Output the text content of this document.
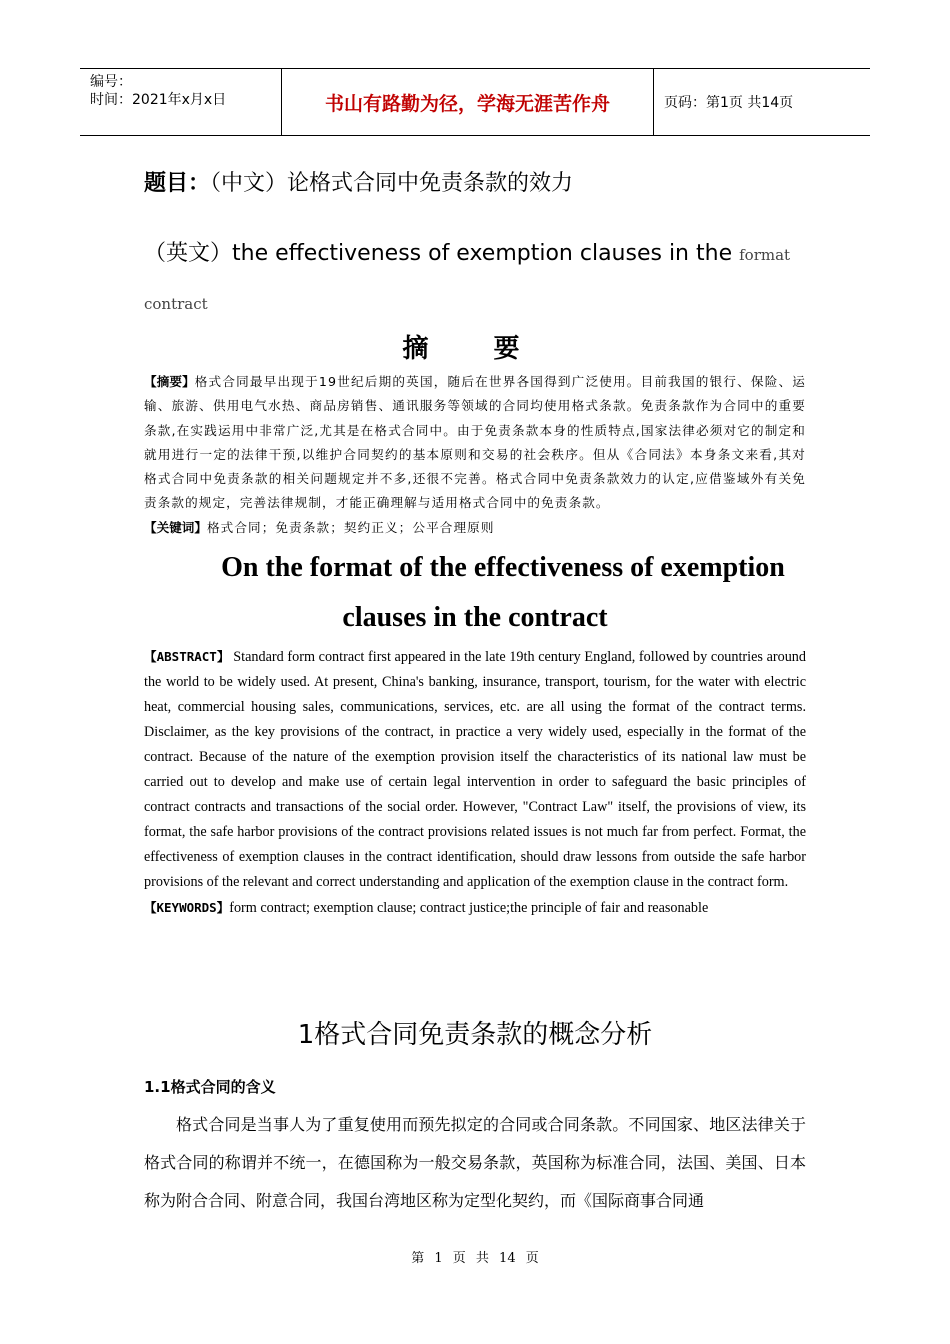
编号：
时间：2021年x月x日	书山有路勤为径，学海无涯苦作舟	页码：第1页 共14页
题目：（中文）论格式合同中免责条款的效力
（英文）the effectiveness of exemption clauses in the format contract
摘 要
【摘要】格式合同最早出现于19世纪后期的英国，随后在世界各国得到广泛使用。目前我国的银行、保险、运输、旅游、供用电气水热、商品房销售、通讯服务等领域的合同均使用格式条款。免责条款作为合同中的重要条款,在实践运用中非常广泛,尤其是在格式合同中。由于免责条款本身的性质特点,国家法律必须对它的制定和就用进行一定的法律干预,以维护合同契约的基本原则和交易的社会秩序。但从《合同法》本身条文来看,其对格式合同中免责条款的相关问题规定并不多,还很不完善。格式合同中免责条款效力的认定,应借鉴域外有关免责条款的规定，完善法律规制，才能正确理解与适用格式合同中的免责条款。
【关键词】格式合同；免责条款；契约正义；公平合理原则
On the format of the effectiveness of exemption
clauses in the contract
【ABSTRACT】 Standard form contract first appeared in the late 19th century England, followed by countries around the world to be widely used. At present, China's banking, insurance, transport, tourism, for the water with electric heat, commercial housing sales, communications, services, etc. are all using the format of the contract terms. Disclaimer, as the key provisions of the contract, in practice a very widely used, especially in the format of the contract. Because of the nature of the exemption provision itself the characteristics of its national law must be carried out to develop and make use of certain legal intervention in order to safeguard the basic principles of contract contracts and transactions of the social order. However, "Contract Law" itself, the provisions of view, its format, the safe harbor provisions of the contract provisions related issues is not much far from perfect. Format, the effectiveness of exemption clauses in the contract identification, should draw lessons from outside the safe harbor provisions of the relevant and correct understanding and application of the exemption clause in the contract form.
【KEYWORDS】form contract; exemption clause; contract justice;the principle of fair and reasonable
1格式合同免责条款的概念分析
1.1格式合同的含义
格式合同是当事人为了重复使用而预先拟定的合同或合同条款。不同国家、地区法律关于格式合同的称谓并不统一，在德国称为一般交易条款，英国称为标准合同，法国、美国、日本称为附合合同、附意合同，我国台湾地区称为定型化契约，而《国际商事合同通
第 1 页 共 14 页
